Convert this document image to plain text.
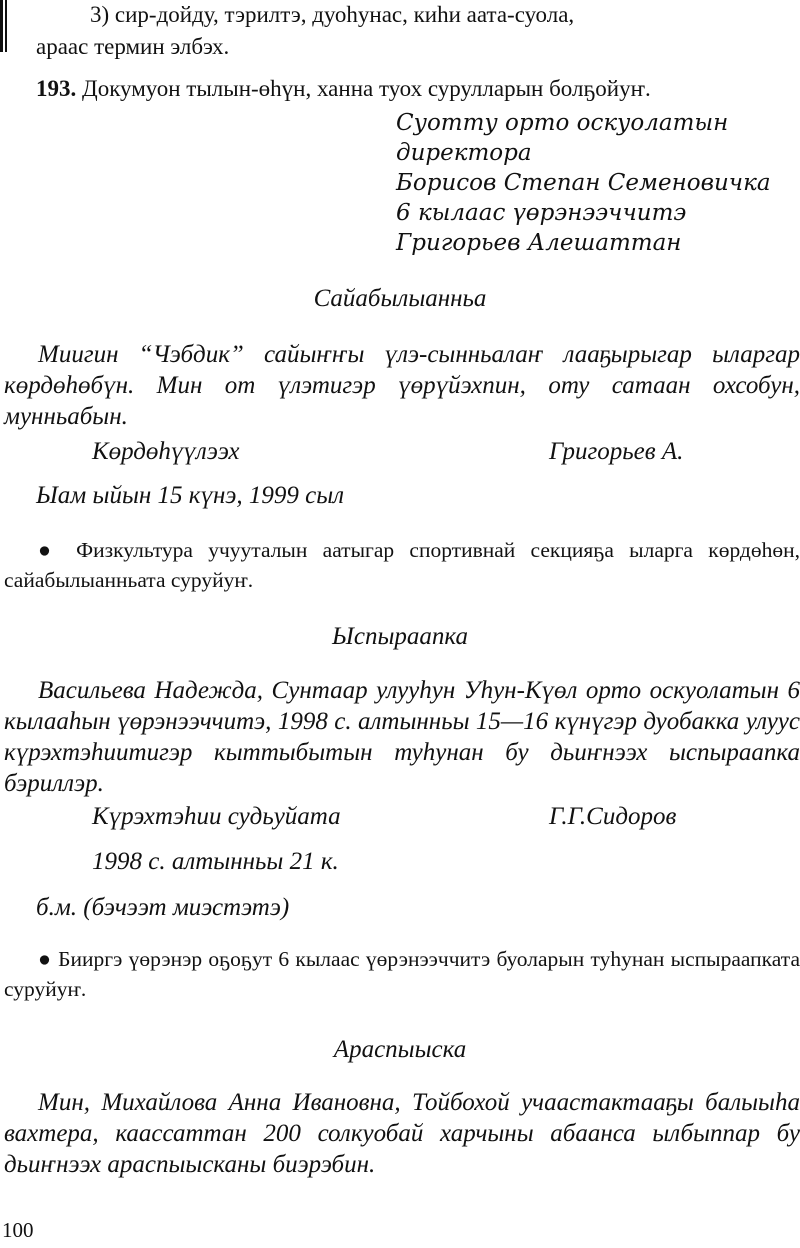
3) сир-дойду, тэрилтэ, дуоhунас, киhи аата-суола,
араас термин элбэх.
193. Докумуон тылын-өhүн, ханна туох сурулларын болҕойуҥ.
Суотту орто оскуолатын
директора
Борисов Степан Семеновичка
6 кылаас үөрэнээччитэ
Григорьев Алешаттан
Сайабылыанньа
Миигин “Чэбдик” сайыҥҥы үлэ-сынньалаҥ лааҕырыгар ыларгар көрдөһөбүн. Мин от үлэтигэр үөрүйэхпин, оту сатаан охсобун, мунньабын.
Көрдөһүүлээх	Григорьев А.
Ыам ыйын 15 күнэ, 1999 сыл
● Физкультура учууталын аатыгар спортивнай секцияҕа ыларга көрдөһөн, сайабылыанньата суруйуҥ.
Ыспыраапка
Васильева Надежда, Сунтаар улууһун Уһун-Күөл орто оскуолатын 6 кылааһын үөрэнээччитэ, 1998 с. алтынньы 15—16 күнүгэр дуобакка улуус күрэхтэһиитигэр кыттыбытын туһунан бу дьиҥнээх ыспыраапка бэриллэр.
Күрэхтэһии судьуйата	Г.Г.Сидоров
1998 с. алтынньы 21 к.
б.м. (бэчээт миэстэтэ)
● Бииргэ үөрэнэр оҕоҕут 6 кылаас үөрэнээччитэ буоларын туһунан ыспыраапката суруйуҥ.
Араспыыска
Мин, Михайлова Анна Ивановна, Тойбохой учаастактааҕы балыыһа вахтера, каассаттан 200 солкуобай харчыны абаанса ылбыппар бу дьиҥнээх араспыысканы биэрэбин.
100
